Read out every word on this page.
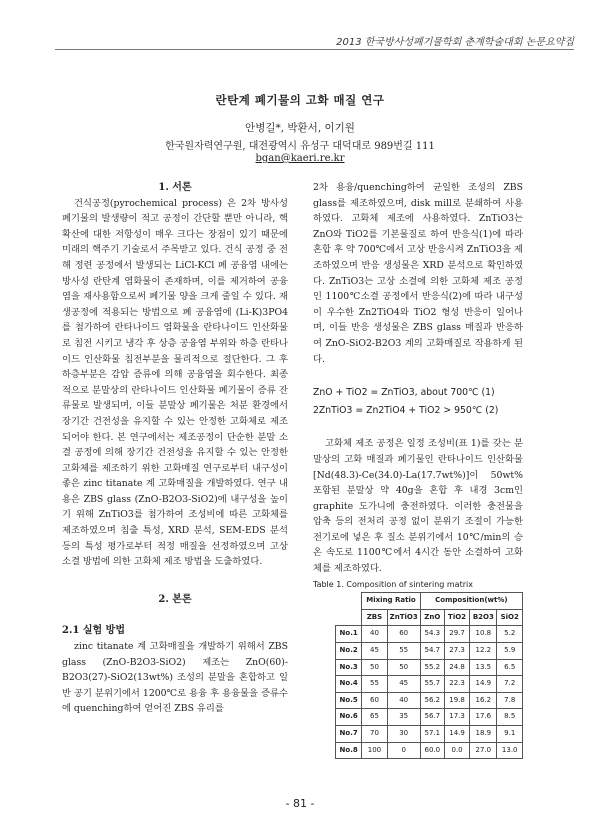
2013 한국방사성폐기물학회 춘계학술대회 논문요약집
란탄계 폐기물의 고화 매질 연구
안병길*, 박환서, 이기원
한국원자력연구원, 대전광역시 유성구 대덕대로 989번길 111
bgan@kaeri.re.kr

1. 서론

건식공정(pyrochemical process) 은 2차 방사성 폐기물의 발생량이 적고 공정이 간단할 뿐만 아니라, 핵 확산에 대한 저항성이 매우 크다는 장점이 있기 때문에 미래의 핵주기 기술로서 주목받고 있다. 건식 공정 중 전해 정련 공정에서 발생되는 LiCl-KCl 폐 공융염 내에는 방사성 란탄계 염화물이 존재하며, 이를 제거하여 공융염을 재사용함으로써 폐기물 양을 크게 줄일 수 있다. 재생공정에 적용되는 방법으로 폐 공융염에 (Li-K)3PO4를 첨가하여 란타나이드 염화물을 란타나이드 인산화물로 침전 시키고 냉각 후 상층 공융염 부위와 하층 란타나이드 인산화물 침전부분을 물리적으로 절단한다. 그 후 하층부분은 감압 증류에 의해 공융염을 회수한다. 최종적으로 분말상의 란타나이드 인산화물 폐기물이 증류 잔류물로 발생되며, 이들 분말상 폐기물은 처분 환경에서 장기간 건전성을 유지할 수 있는 안정한 고화체로 제조 되어야 한다. 본 연구에서는 제조공정이 단순한 분말 소결 공정에 의해 장기간 건전성을 유지할 수 있는 안정한 고화체를 제조하기 위한 고화매질 연구로부터 내구성이 좋은 zinc titanate 계 고화매질을 개발하였다. 연구 내용은 ZBS glass (ZnO-B2O3-SiO2)에 내구성을 높이기 위해 ZnTiO3를 첨가하여 조성비에 따른 고화체를 제조하였으며 침출 특성, XRD 분석, SEM-EDS 분석 등의 특성 평가로부터 적정 매질을 선정하였으며 고상 소결 방법에 의한 고화체 제조 방법을 도출하였다.

2. 본론

2.1 실험 방법

zinc titanate 계 고화매질을 개발하기 위해서 ZBS glass (ZnO-B2O3-SiO2) 제조는 ZnO(60)-B2O3(27)-SiO2(13wt%) 조성의 분말을 혼합하고 일반 공기 분위기에서 1200℃로 용융 후 용융물을 증류수에 quenching하여 얻어진 ZBS 유리를

2차 용융/quenching하여 균일한 조성의 ZBS glass를 제조하였으며, disk mill로 분쇄하여 사용하였다. 고화체 제조에 사용하였다. ZnTiO3는 ZnO와 TiO2를 기본물질로 하여 반응식(1)에 따라 혼합 후 약 700℃에서 고상 반응시켜 ZnTiO3을 제조하였으며 반응 생성물은 XRD 분석으로 확인하였다. ZnTiO3는 고상 소결에 의한 고화체 제조 공정인 1100℃소결 공정에서 반응식(2)에 따라 내구성이 우수한 Zn2TiO4와 TiO2 형성 반응이 일어나며, 이들 반응 생성물은 ZBS glass 매질과 반응하여 ZnO-SiO2-B2O3 계의 고화매질로 작용하게 된다.

ZnO + TiO2 = ZnTiO3, about 700℃ (1)

2ZnTiO3 = Zn2TiO4 + TiO2 > 950℃ (2)

고화체 제조 공정은 일정 조성비(표 1)를 갖는 분말상의 고화 매질과 폐기물인 란타나이드 인산화물 [Nd(48.3)-Ce(34.0)-La(17.7wt%)]이 50wt% 포함된 분말상 약 40g을 혼합 후 내경 3cm인 graphite 도가니에 충전하였다. 이러한 충전물을 압축 등의 전처리 공정 없이 분위기 조절이 가능한 전기로에 넣은 후 질소 분위기에서 10℃/min의 승온 속도로 1100℃에서 4시간 동안 소결하여 고화체를 제조하였다.

Table 1. Composition of sintering matrix

	Mixing Ratio		Composition(wt%)			
	ZBS	ZnTiO3	ZnO	TiO2	B2O3	SiO2
No.1	40	60	54.3	29.7	10.8	5.2
No.2	45	55	54.7	27.3	12.2	5.9
No.3	50	50	55.2	24.8	13.5	6.5
No.4	55	45	55.7	22.3	14.9	7.2
No.5	60	40	56.2	19.8	16.2	7.8
No.6	65	35	56.7	17.3	17.6	8.5
No.7	70	30	57.1	14.9	18.9	9.1
No.8	100	0	60.0	0.0	27.0	13.0
- 81 -
